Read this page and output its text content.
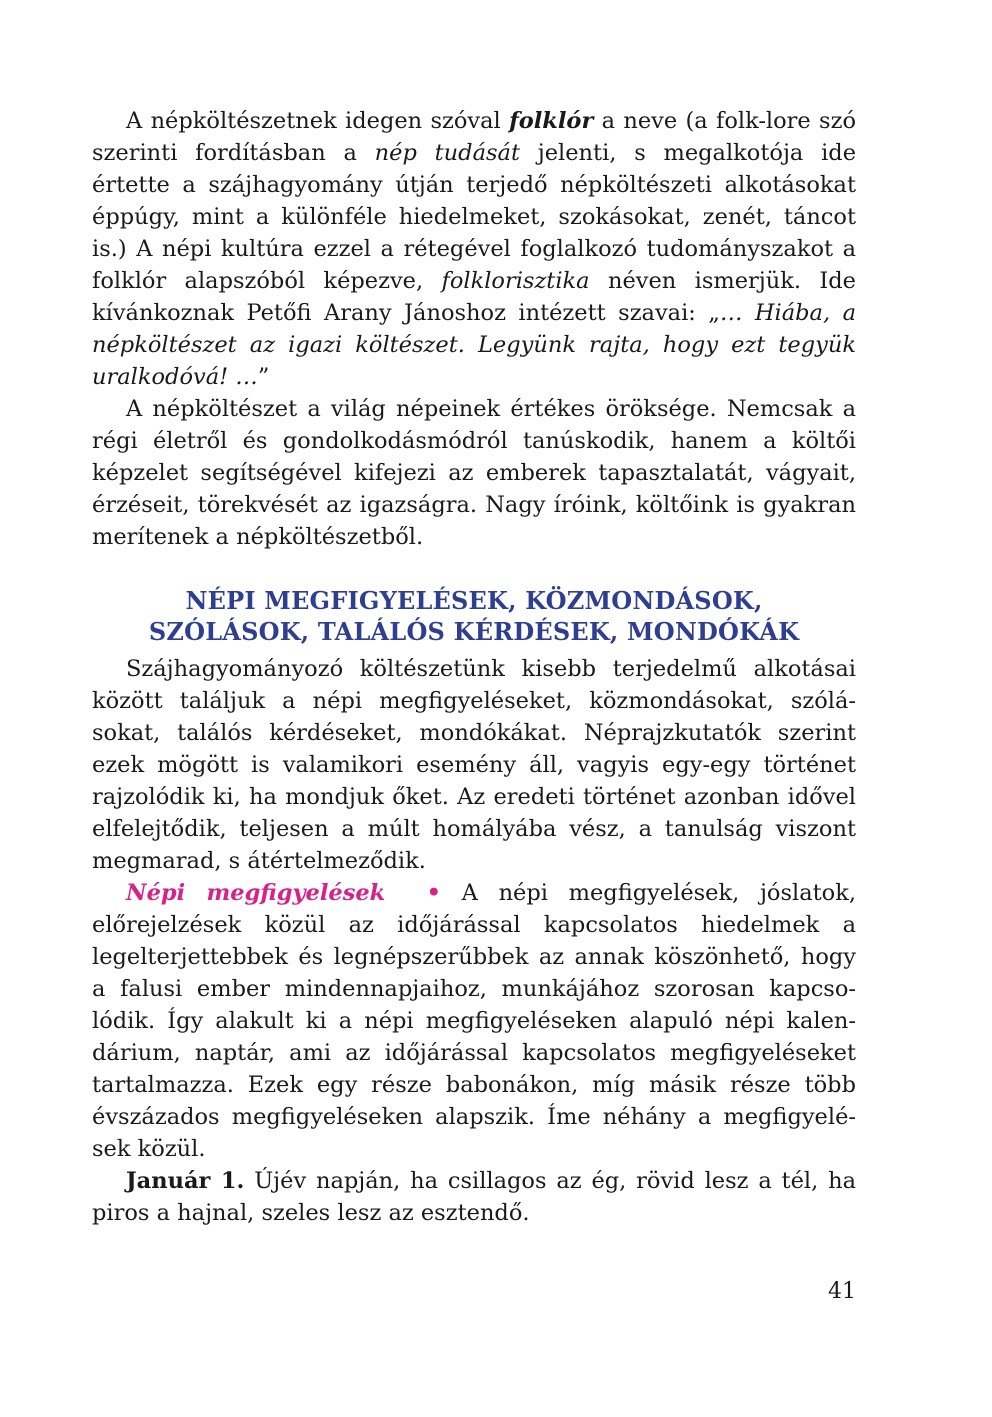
A népköltészetnek idegen szóval folklór a neve (a folk-lore szó szerinti fordításban a nép tudását jelenti, s megalkotója ide értette a szájhagyomány útján terjedő népköltészeti alkotásokat éppúgy, mint a különféle hiedelmeket, szokásokat, zenét, táncot is.) A népi kultúra ezzel a rétegével foglalkozó tudományszakot a folklór alapszóból képezve, folklorisztika néven ismerjük. Ide kívánkoznak Petőfi Arany Jánoshoz intézett szavai: „… Hiába, a népköltészet az igazi költészet. Legyünk rajta, hogy ezt tegyük uralkodóvá! …”

A népköltészet a világ népeinek értékes öröksége. Nemcsak a régi életről és gondolkodásmódról tanúskodik, hanem a költői képzelet segítségével kifejezi az emberek tapasztalatát, vágyait, érzéseit, törekvését az igazságra. Nagy íróink, költőink is gyakran merítenek a népköltészetből.

NÉPI MEGFIGYELÉSEK, KÖZMONDÁSOK,
SZÓLÁSOK, TALÁLÓS KÉRDÉSEK, MONDÓKÁK

Szájhagyományozó költészetünk kisebb terjedelmű alkotásai között találjuk a népi megfigyeléseket, közmondásokat, szólásokat, találós kérdéseket, mondókákat. Néprajzkutatók szerint ezek mögött is valamikori esemény áll, vagyis egy-egy történet rajzolódik ki, ha mondjuk őket. Az eredeti történet azonban idővel elfelejtődik, teljesen a múlt homályába vész, a tanulság viszont megmarad, s átértelmeződik.

Népi megfigyelések • A népi megfigyelések, jóslatok, előrejelzések közül az időjárással kapcsolatos hiedelmek a legelterjettebbek és legnépszerűbbek az annak köszönhető, hogy a falusi ember mindennapjaihoz, munkájához szorosan kapcsolódik. Így alakult ki a népi megfigyeléseken alapuló népi kalendárium, naptár, ami az időjárással kapcsolatos megfigyeléseket tartalmazza. Ezek egy része babonákon, míg másik része több évszázados megfigyeléseken alapszik. Íme néhány a megfigyelések közül.

Január 1. Újév napján, ha csillagos az ég, rövid lesz a tél, ha piros a hajnal, szeles lesz az esztendő.

41
